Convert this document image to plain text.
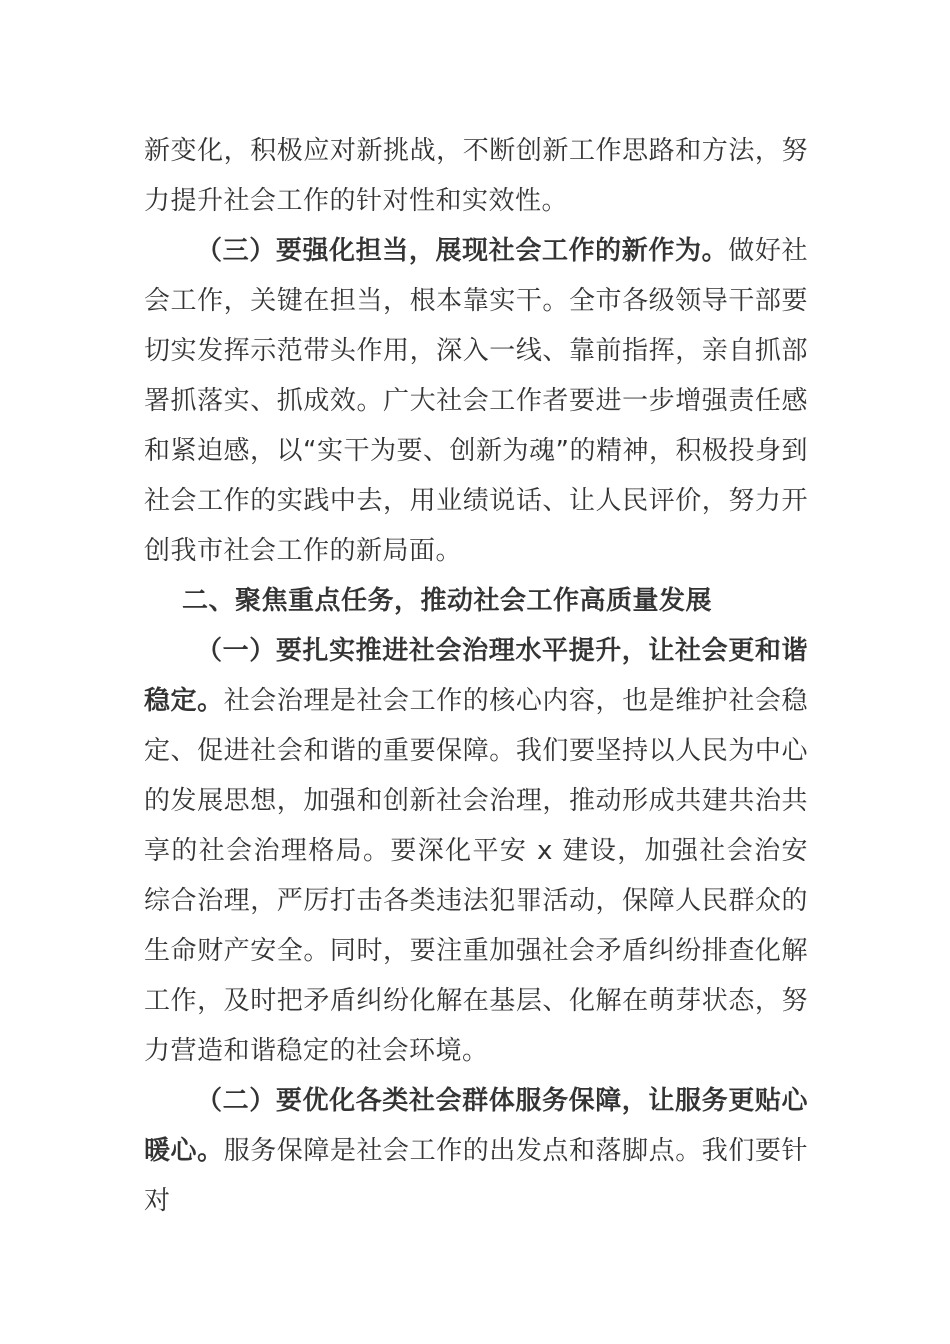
新变化，积极应对新挑战，不断创新工作思路和方法，努力提升社会工作的针对性和实效性。

（三）要强化担当，展现社会工作的新作为。做好社会工作，关键在担当，根本靠实干。全市各级领导干部要切实发挥示范带头作用，深入一线、靠前指挥，亲自抓部署抓落实、抓成效。广大社会工作者要进一步增强责任感和紧迫感，以“实干为要、创新为魂”的精神，积极投身到社会工作的实践中去，用业绩说话、让人民评价，努力开创我市社会工作的新局面。

二、聚焦重点任务，推动社会工作高质量发展

（一）要扎实推进社会治理水平提升，让社会更和谐稳定。社会治理是社会工作的核心内容，也是维护社会稳定、促进社会和谐的重要保障。我们要坚持以人民为中心的发展思想，加强和创新社会治理，推动形成共建共治共享的社会治理格局。要深化平安 x 建设，加强社会治安综合治理，严厉打击各类违法犯罪活动，保障人民群众的生命财产安全。同时，要注重加强社会矛盾纠纷排查化解工作，及时把矛盾纠纷化解在基层、化解在萌芽状态，努力营造和谐稳定的社会环境。

（二）要优化各类社会群体服务保障，让服务更贴心暖心。服务保障是社会工作的出发点和落脚点。我们要针对
